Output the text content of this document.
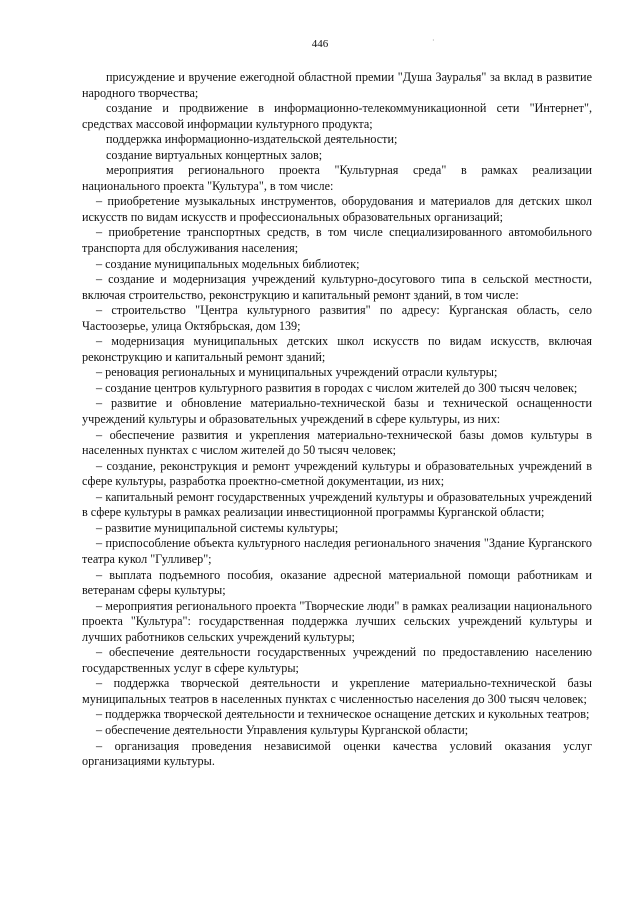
446	·

присуждение и вручение ежегодной областной премии "Душа Зауралья" за вклад в развитие народного творчества;

создание и продвижение в информационно-телекоммуникационной сети "Интернет", средствах массовой информации культурного продукта;

поддержка информационно-издательской деятельности;

создание виртуальных концертных залов;

мероприятия регионального проекта "Культурная среда" в рамках реализации национального проекта "Культура", в том числе:

– приобретение музыкальных инструментов, оборудования и материалов для детских школ искусств по видам искусств и профессиональных образовательных организаций;

– приобретение транспортных средств, в том числе специализированного автомобильного транспорта для обслуживания населения;

– создание муниципальных модельных библиотек;

– создание и модернизация учреждений культурно-досугового типа в сельской местности, включая строительство, реконструкцию и капитальный ремонт зданий, в том числе:

– строительство "Центра культурного развития" по адресу: Курганская область, село Частоозерье, улица Октябрьская, дом 139;

– модернизация муниципальных детских школ искусств по видам искусств, включая реконструкцию и капитальный ремонт зданий;

– реновация региональных и муниципальных учреждений отрасли культуры;

– создание центров культурного развития в городах с числом жителей до 300 тысяч человек;

– развитие и обновление материально-технической базы и технической оснащенности учреждений культуры и образовательных учреждений в сфере культуры, из них:

– обеспечение развития и укрепления материально-технической базы домов культуры в населенных пунктах с числом жителей до 50 тысяч человек;

– создание, реконструкция и ремонт учреждений культуры и образовательных учреждений в сфере культуры, разработка проектно-сметной документации, из них;

– капитальный ремонт государственных учреждений культуры и образовательных учреждений в сфере культуры в рамках реализации инвестиционной программы Курганской области;

– развитие муниципальной системы культуры;

– приспособление объекта культурного наследия регионального значения "Здание Курганского театра кукол "Гулливер";

– выплата подъемного пособия, оказание адресной материальной помощи работникам и ветеранам сферы культуры;

– мероприятия регионального проекта "Творческие люди" в рамках реализации национального проекта "Культура": государственная поддержка лучших сельских учреждений культуры и лучших работников сельских учреждений культуры;

– обеспечение деятельности государственных учреждений по предоставлению населению государственных услуг в сфере культуры;

– поддержка творческой деятельности и укрепление материально-технической базы муниципальных театров в населенных пунктах с численностью населения до 300 тысяч человек;

– поддержка творческой деятельности и техническое оснащение детских и кукольных театров;

– обеспечение деятельности Управления культуры Курганской области;

– организация проведения независимой оценки качества условий оказания услуг организациями культуры.
